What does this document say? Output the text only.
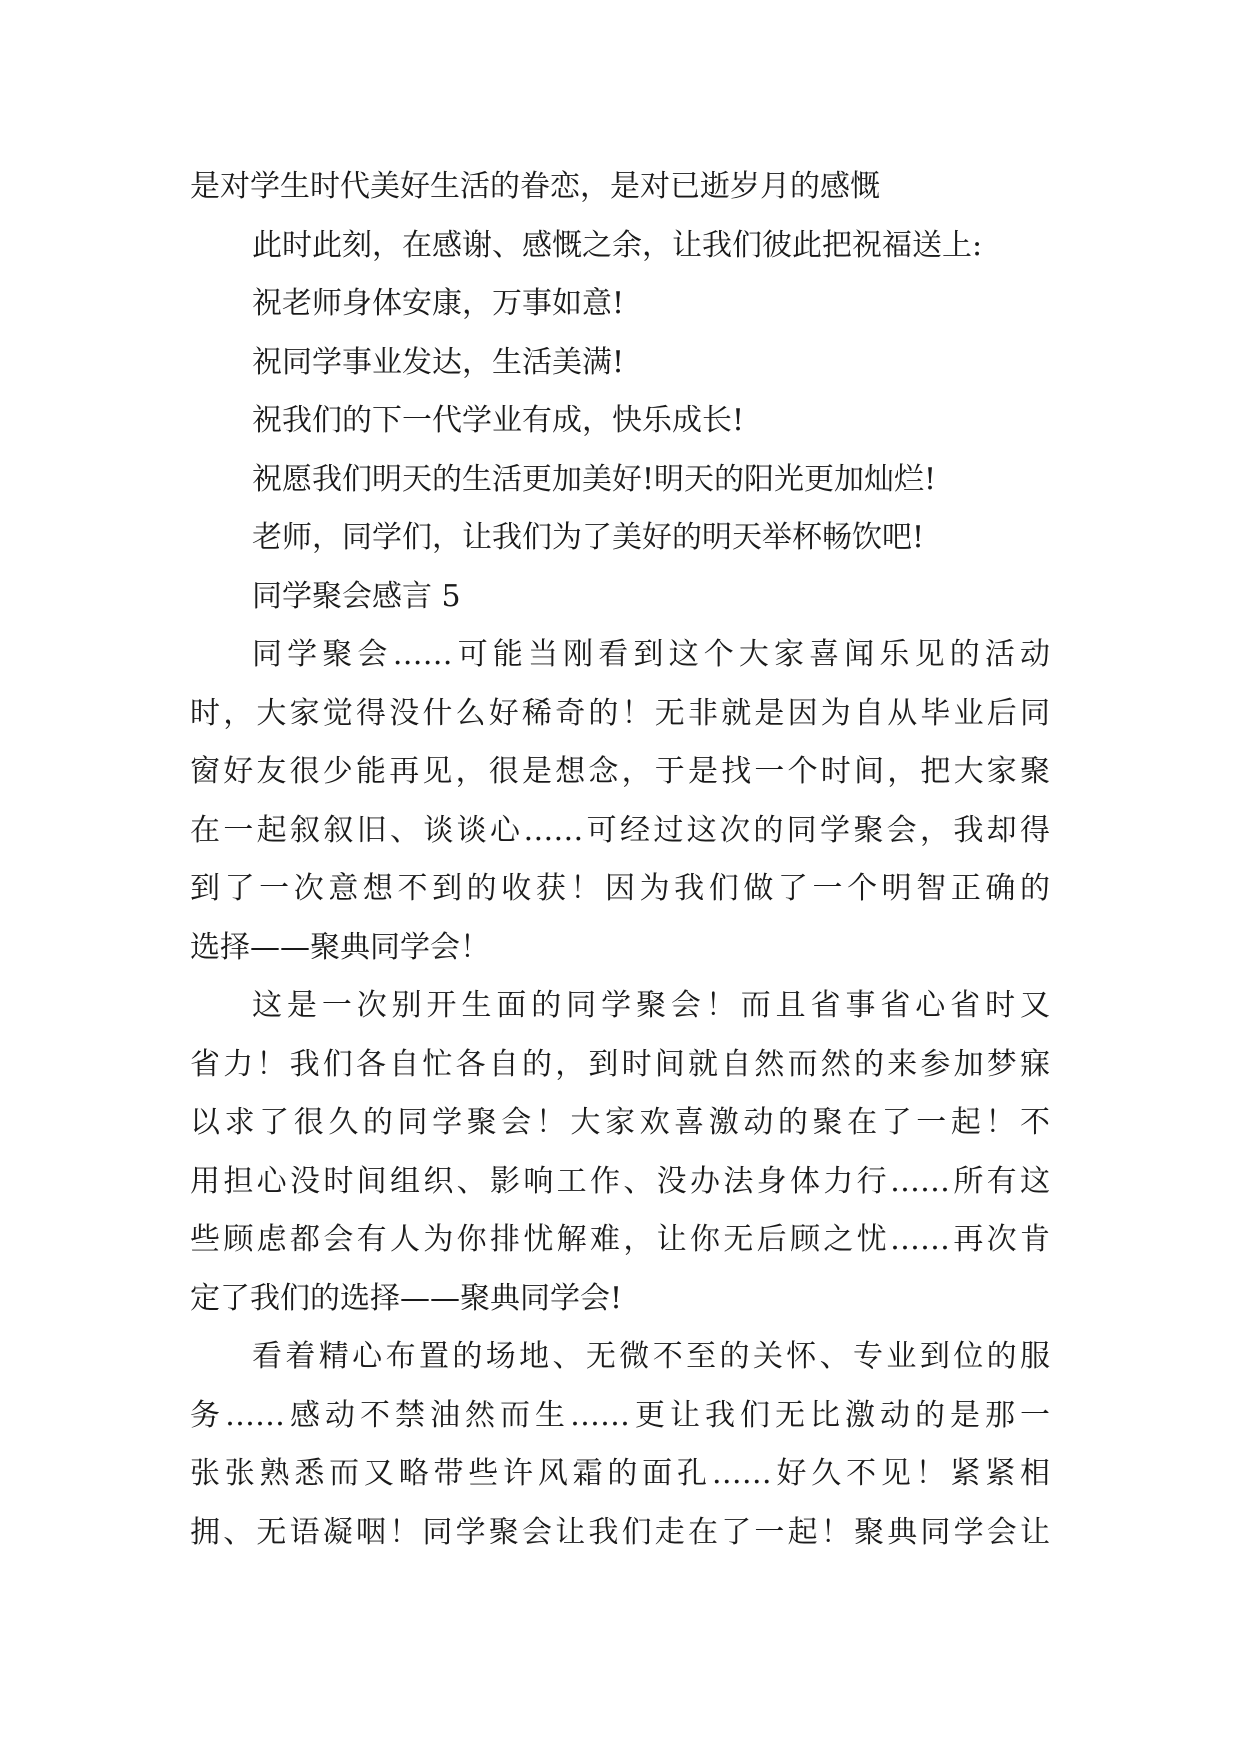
是对学生时代美好生活的眷恋，是对已逝岁月的感慨
此时此刻，在感谢、感慨之余，让我们彼此把祝福送上:
祝老师身体安康，万事如意!
祝同学事业发达，生活美满!
祝我们的下一代学业有成，快乐成长!
祝愿我们明天的生活更加美好!明天的阳光更加灿烂!
老师，同学们，让我们为了美好的明天举杯畅饮吧!
同学聚会感言 5
同学聚会……可能当刚看到这个大家喜闻乐见的活动
时，大家觉得没什么好稀奇的！无非就是因为自从毕业后同
窗好友很少能再见，很是想念，于是找一个时间，把大家聚
在一起叙叙旧、谈谈心……可经过这次的同学聚会，我却得
到了一次意想不到的收获！因为我们做了一个明智正确的
选择——聚典同学会！
这是一次别开生面的同学聚会！而且省事省心省时又
省力！我们各自忙各自的，到时间就自然而然的来参加梦寐
以求了很久的同学聚会！大家欢喜激动的聚在了一起！不
用担心没时间组织、影响工作、没办法身体力行……所有这
些顾虑都会有人为你排忧解难，让你无后顾之忧……再次肯
定了我们的选择——聚典同学会!
看着精心布置的场地、无微不至的关怀、专业到位的服
务……感动不禁油然而生……更让我们无比激动的是那一
张张熟悉而又略带些许风霜的面孔……好久不见！紧紧相
拥、无语凝咽！同学聚会让我们走在了一起！聚典同学会让
